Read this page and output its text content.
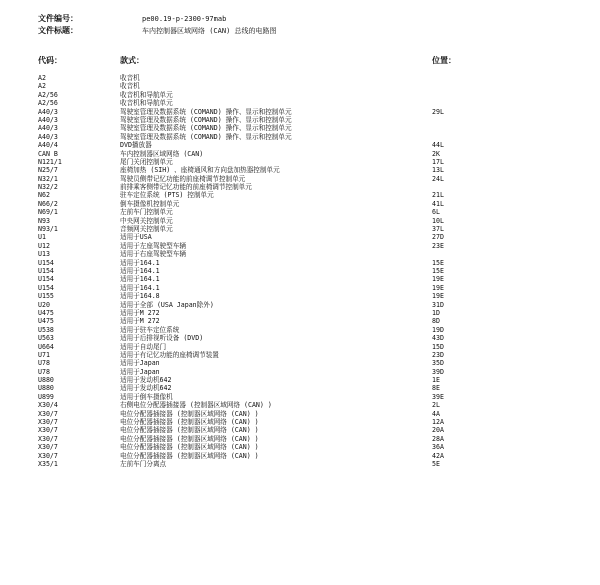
文件编号：	pe00.19-p-2300-97mab
文件标题：	车内控制器区域网络 (CAN) 总线的电路图
代码：	款式：	位置：
A2	收音机
A2	收音机
A2/56	收音机和导航单元
A2/56	收音机和导航单元
A40/3	驾驶室管理及数据系统 (COMAND) 操作、显示和控制单元	29L
A40/3	驾驶室管理及数据系统 (COMAND) 操作、显示和控制单元
A40/3	驾驶室管理及数据系统 (COMAND) 操作、显示和控制单元
A40/3	驾驶室管理及数据系统 (COMAND) 操作、显示和控制单元
A40/4	DVD播放器	44L
CAN B	车内控制器区域网络 (CAN)	2K
N121/1	尾门关闭控制单元	17L
N25/7	座椅加热 (SIH) 、座椅通风和方向盘加热器控制单元	13L
N32/1	驾驶员侧带记忆功能的前座椅调节控制单元	24L
N32/2	前排乘客侧带记忆功能的前座椅调节控制单元
N62	驻车定位系统 (PTS) 控制单元	21L
N66/2	倒车摄像机控制单元	41L
N69/1	左前车门控制单元	6L
N93	中央网关控制单元	10L
N93/1	音频网关控制单元	37L
U1	适用于USA	27D
U12	适用于左座驾驶型车辆	23E
U13	适用于右座驾驶型车辆
U154	适用于164.1	15E
U154	适用于164.1	15E
U154	适用于164.1	19E
U154	适用于164.1	19E
U155	适用于164.8	19E
U20	适用于全部 (USA Japan除外)	31D
U475	适用于M 272	1D
U475	适用于M 272	8D
U538	适用于驻车定位系统	19D
U563	适用于后排视听设备 (DVD)	43D
U664	适用于自动尾门	15D
U71	适用于有记忆功能的座椅调节装置	23D
U78	适用于Japan	35D
U78	适用于Japan	39D
U880	适用于发动机642	1E
U880	适用于发动机642	8E
U899	适用于倒车摄像机	39E
X30/4	右侧电位分配器插接器 (控制器区域网络 (CAN) )	2L
X30/7	电位分配器插接器 (控制器区域网络 (CAN) )	4A
X30/7	电位分配器插接器 (控制器区域网络 (CAN) )	12A
X30/7	电位分配器插接器 (控制器区域网络 (CAN) )	20A
X30/7	电位分配器插接器 (控制器区域网络 (CAN) )	28A
X30/7	电位分配器插接器 (控制器区域网络 (CAN) )	36A
X30/7	电位分配器插接器 (控制器区域网络 (CAN) )	42A
X35/1	左前车门分离点	5E
